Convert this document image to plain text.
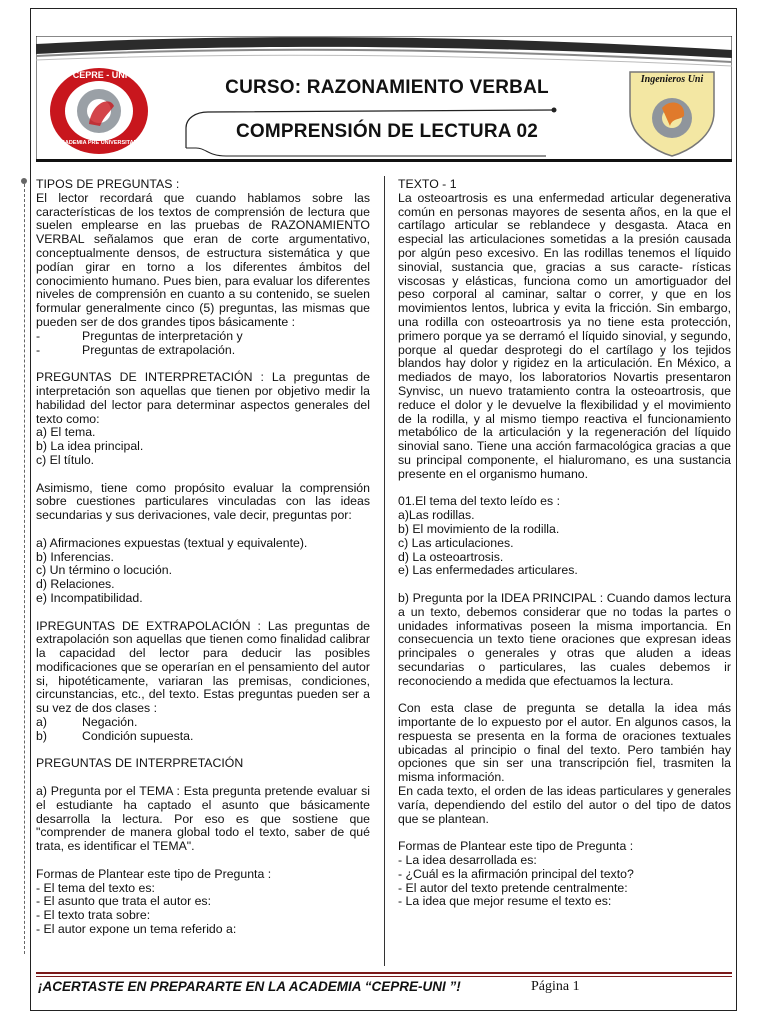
CEPRE - UNI
ACADEMIA PRE UNIVERSITARIA
Ingenieros Uni
CURSO: RAZONAMIENTO VERBAL
COMPRENSIÓN DE LECTURA 02

TIPOS DE PREGUNTAS :

El lector recordará que cuando hablamos sobre las características de los textos de comprensión de lectura que suelen emplearse en las pruebas de RAZONAMIENTO VERBAL señalamos que eran de corte argumentativo, conceptualmente densos, de estructura sistemática y que podían girar en torno a los diferentes ámbitos del conocimiento humano. Pues bien, para evaluar los diferentes niveles de comprensión en cuanto a su contenido, se suelen formular generalmente cinco (5) preguntas, las mismas que pueden ser de dos grandes tipos básicamente :

-	Preguntas de interpretación y
-	Preguntas de extrapolación.

PREGUNTAS DE INTERPRETACIÓN : La preguntas de interpretación son aquellas que tienen por objetivo medir la habilidad del lector para determinar aspectos generales del texto como:

a) El tema.

b) La idea principal.

c) El título.

Asimismo, tiene como propósito evaluar la comprensión sobre cuestiones particulares vinculadas con las ideas secundarias y sus derivaciones, vale decir, preguntas por:

a) Afirmaciones expuestas (textual y equivalente).

b) Inferencias.

c) Un término o locución.

d) Relaciones.

e) Incompatibilidad.

IPREGUNTAS DE EXTRAPOLACIÓN : Las preguntas de extrapolación son aquellas que tienen como finalidad calibrar la capacidad del lector para deducir las posibles modificaciones que se operarían en el pensamiento del autor si, hipotéticamente, variaran las premisas, condiciones, circunstancias, etc., del texto. Estas preguntas pueden ser a su vez de dos clases :

a)	Negación.
b)	Condición supuesta.

PREGUNTAS DE INTERPRETACIÓN

a) Pregunta por el TEMA : Esta pregunta pretende evaluar si el estudiante ha captado el asunto que básicamente desarrolla la lectura. Por eso es que sostiene que "comprender de manera global todo el texto, saber de qué trata, es identificar el TEMA".

Formas de Plantear este tipo de Pregunta :

- El tema del texto es:

- El asunto que trata el autor es:

- El texto trata sobre:

- El autor expone un tema referido a:

TEXTO - 1

La osteoartrosis es una enfermedad articular degenerativa común en personas mayores de sesenta años, en la que el cartílago articular se reblandece y desgasta. Ataca en especial las articulaciones sometidas a la presión causada por algún peso excesivo. En las rodillas tenemos el líquido sinovial, sustancia que, gracias a sus caracte- rísticas viscosas y elásticas, funciona como un amortiguador del peso corporal al caminar, saltar o correr, y que en los movimientos lentos, lubrica y evita la fricción. Sin embargo, una rodilla con osteoartrosis ya no tiene esta protección, primero porque ya se derramó el líquido sinovial, y segundo, porque al quedar desprotegi do el cartílago y los tejidos blandos hay dolor y rigidez en la articulación. En México, a mediados de mayo, los laboratorios Novartis presentaron Synvisc, un nuevo tratamiento contra la osteoartrosis, que reduce el dolor y le devuelve la flexibilidad y el movimiento de la rodilla, y al mismo tiempo reactiva el funcionamiento metabólico de la articulación y la regeneración del líquido sinovial sano. Tiene una acción farmacológica gracias a que su principal componente, el hialuromano, es una sustancia presente en el organismo humano.

01.El tema del texto leído es :

a)Las rodillas.

b) El movimiento de la rodilla.

c) Las articulaciones.

d) La osteoartrosis.

e) Las enfermedades articulares.

b) Pregunta por la IDEA PRINCIPAL : Cuando damos lectura a un texto, debemos considerar que no todas la partes o unidades informativas poseen la misma importancia. En consecuencia un texto tiene oraciones que expresan ideas principales o generales y otras que aluden a ideas secundarias o particulares, las cuales debemos ir reconociendo a medida que efectuamos la lectura.

Con esta clase de pregunta se detalla la idea más importante de lo expuesto por el autor. En algunos casos, la respuesta se presenta en la forma de oraciones textuales ubicadas al principio o final del texto. Pero también hay opciones que sin ser una transcripción fiel, trasmiten la misma información.

En cada texto, el orden de las ideas particulares y generales varía, dependiendo del estilo del autor o del tipo de datos que se plantean.

Formas de Plantear este tipo de Pregunta :

- La idea desarrollada es:

- ¿Cuál es la afirmación principal del texto?

- El autor del texto pretende centralmente:

- La idea que mejor resume el texto es:

¡ACERTASTE EN PREPARARTE EN LA ACADEMIA “CEPRE-UNI ”!	Página 1
